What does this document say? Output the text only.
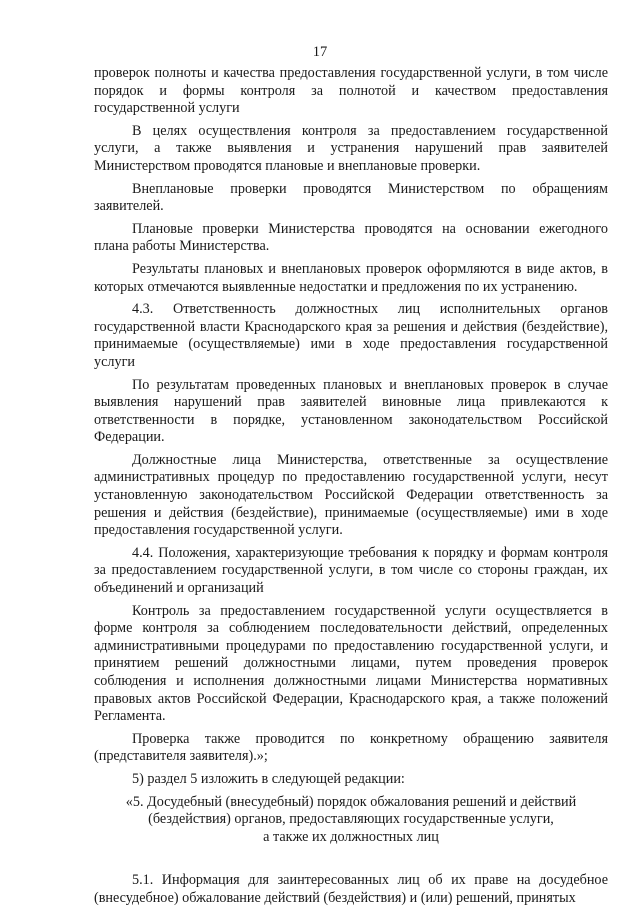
17

проверок полноты и качества предоставления государственной услуги, в том числе порядок и формы контроля за полнотой и качеством предоставления государственной услуги

В целях осуществления контроля за предоставлением государственной услуги, а также выявления и устранения нарушений прав заявителей Министерством проводятся плановые и внеплановые проверки.

Внеплановые проверки проводятся Министерством по обращениям заявителей.

Плановые проверки Министерства проводятся на основании ежегодного плана работы Министерства.

Результаты плановых и внеплановых проверок оформляются в виде актов, в которых отмечаются выявленные недостатки и предложения по их устранению.

4.3. Ответственность должностных лиц исполнительных органов государственной власти Краснодарского края за решения и действия (бездействие), принимаемые (осуществляемые) ими в ходе предоставления государственной услуги

По результатам проведенных плановых и внеплановых проверок в случае выявления нарушений прав заявителей виновные лица привлекаются к ответственности в порядке, установленном законодательством Российской Федерации.

Должностные лица Министерства, ответственные за осуществление административных процедур по предоставлению государственной услуги, несут установленную законодательством Российской Федерации ответственность за решения и действия (бездействие), принимаемые (осуществляемые) ими в ходе предоставления государственной услуги.

4.4. Положения, характеризующие требования к порядку и формам контроля за предоставлением государственной услуги, в том числе со стороны граждан, их объединений и организаций

Контроль за предоставлением государственной услуги осуществляется в форме контроля за соблюдением последовательности действий, определенных административными процедурами по предоставлению государственной услуги, и принятием решений должностными лицами, путем проведения проверок соблюдения и исполнения должностными лицами Министерства нормативных правовых актов Российской Федерации, Краснодарского края, а также положений Регламента.

Проверка также проводится по конкретному обращению заявителя (представителя заявителя).»;

5) раздел 5 изложить в следующей редакции:

«5. Досудебный (внесудебный) порядок обжалования решений и действий
(бездействия) органов, предоставляющих государственные услуги,
а также их должностных лиц

5.1. Информация для заинтересованных лиц об их праве на досудебное (внесудебное) обжалование действий (бездействия) и (или) решений, принятых
